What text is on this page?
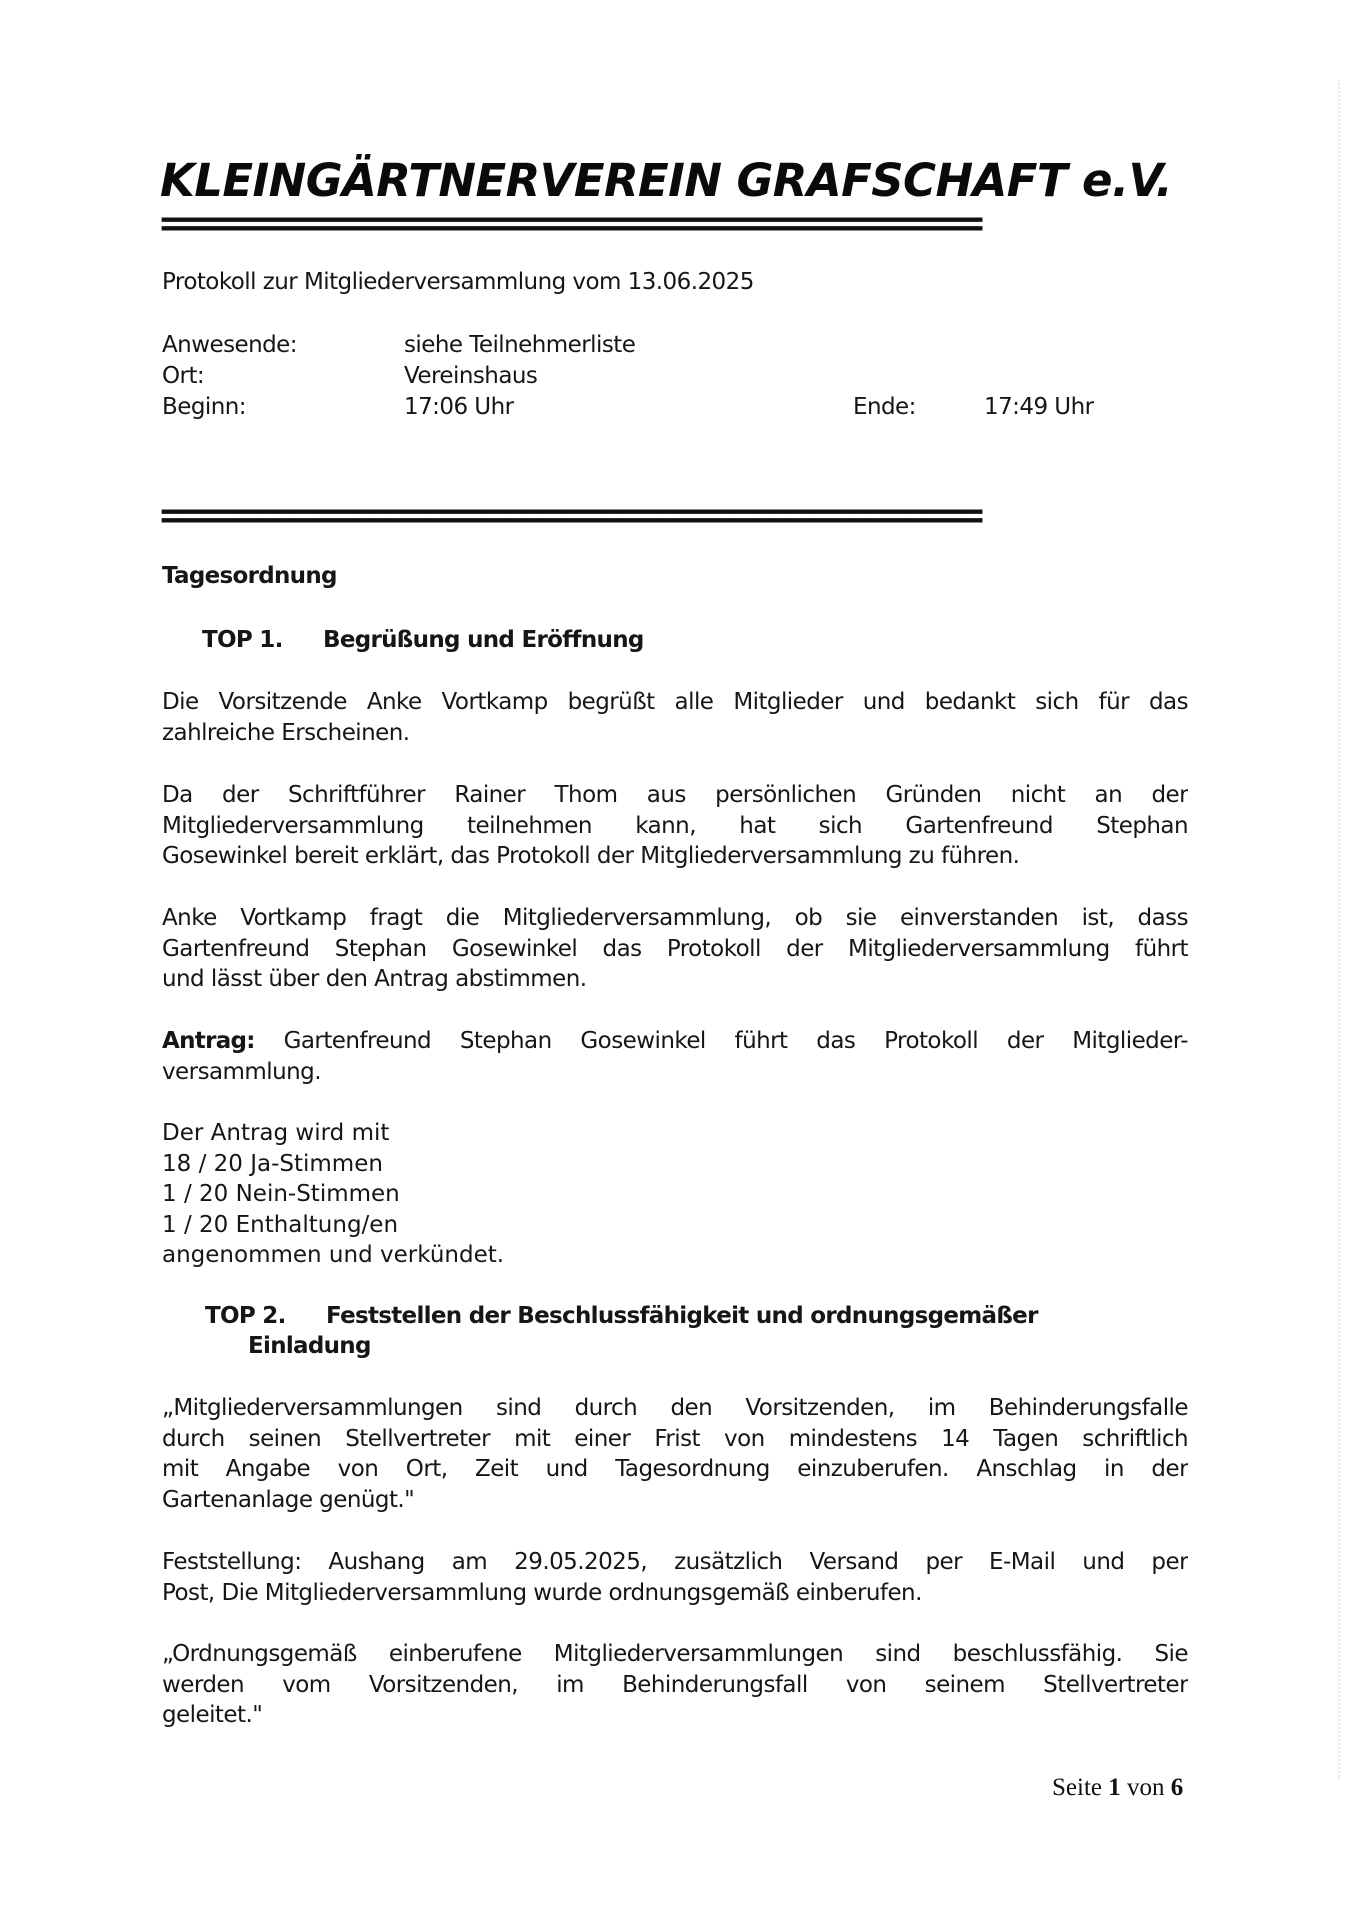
KLEINGÄRTNERVEREIN GRAFSCHAFT e.V.
===========================================
Protokoll zur Mitgliederversammlung vom 13.06.2025
Anwesende:	siehe Teilnehmerliste
Ort:	Vereinshaus
Beginn:	17:06 Uhr	Ende:	17:49 Uhr
===========================================
Tagesordnung
TOP 1. Begrüßung und Eröffnung
Die Vorsitzende Anke Vortkamp begrüßt alle Mitglieder und bedankt sich für das
zahlreiche Erscheinen.
Da der Schriftführer Rainer Thom aus persönlichen Gründen nicht an der
Mitgliederversammlung teilnehmen kann, hat sich Gartenfreund Stephan
Gosewinkel bereit erklärt, das Protokoll der Mitgliederversammlung zu führen.
Anke Vortkamp fragt die Mitgliederversammlung, ob sie einverstanden ist, dass
Gartenfreund Stephan Gosewinkel das Protokoll der Mitgliederversammlung führt
und lässt über den Antrag abstimmen.
Antrag: Gartenfreund Stephan Gosewinkel führt das Protokoll der Mitglieder-
versammlung.
Der Antrag wird mit
18 / 20 Ja-Stimmen
1 / 20 Nein-Stimmen
1 / 20 Enthaltung/en
angenommen und verkündet.
TOP 2. Feststellen der Beschlussfähigkeit und ordnungsgemäßer
Einladung
„Mitgliederversammlungen sind durch den Vorsitzenden, im Behinderungsfalle
durch seinen Stellvertreter mit einer Frist von mindestens 14 Tagen schriftlich
mit Angabe von Ort, Zeit und Tagesordnung einzuberufen. Anschlag in der
Gartenanlage genügt."
Feststellung: Aushang am 29.05.2025, zusätzlich Versand per E-Mail und per
Post, Die Mitgliederversammlung wurde ordnungsgemäß einberufen.
„Ordnungsgemäß einberufene Mitgliederversammlungen sind beschlussfähig. Sie
werden vom Vorsitzenden, im Behinderungsfall von seinem Stellvertreter
geleitet."
Seite 1 von 6
